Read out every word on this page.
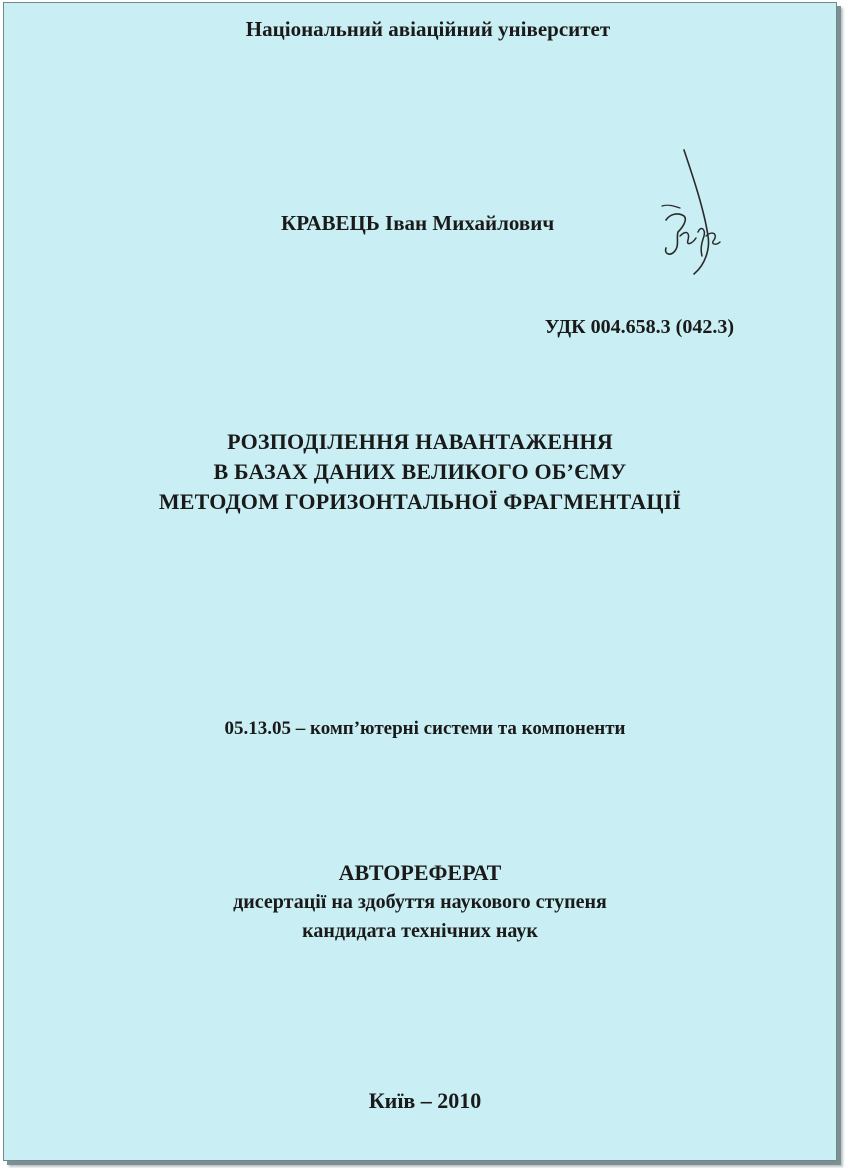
Національний авіаційний університет
КРАВЕЦЬ Іван Михайлович
УДК 004.658.3 (042.3)
РОЗПОДІЛЕННЯ НАВАНТАЖЕННЯ
В БАЗАХ ДАНИХ ВЕЛИКОГО ОБ’ЄМУ
МЕТОДОМ ГОРИЗОНТАЛЬНОЇ ФРАГМЕНТАЦІЇ
05.13.05 – комп’ютерні системи та компоненти
АВТОРЕФЕРАТ
дисертації на здобуття наукового ступеня
кандидата технічних наук
Київ – 2010
